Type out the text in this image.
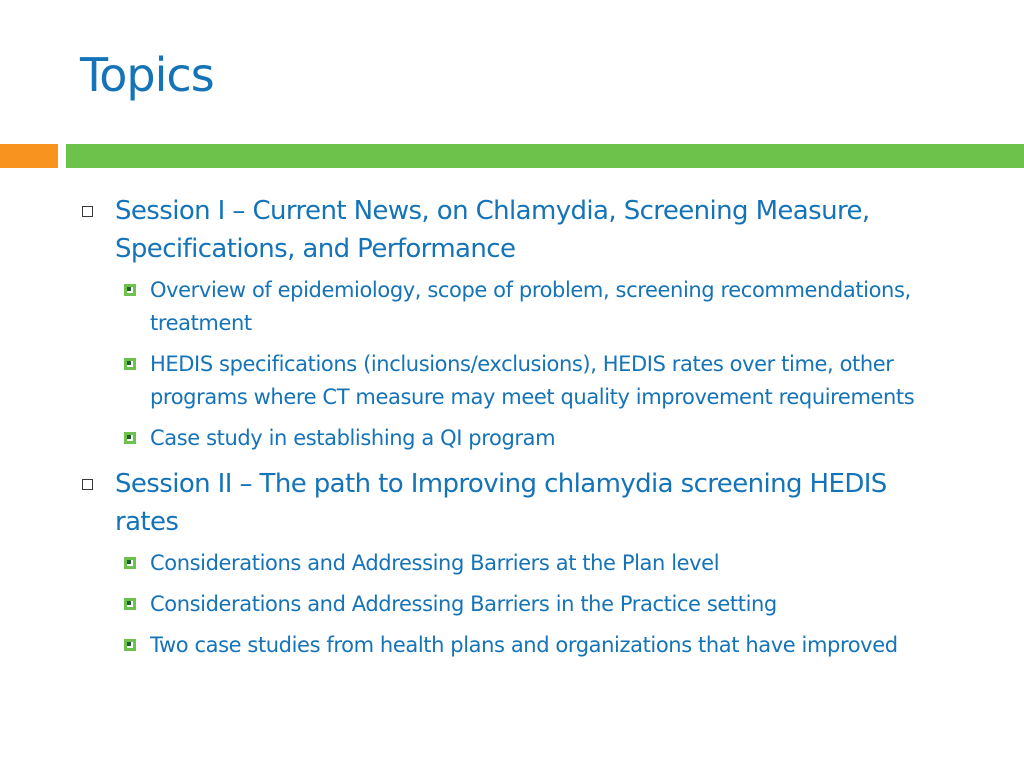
Topics
Session I – Current News, on Chlamydia, Screening Measure, Specifications, and Performance
Overview of epidemiology, scope of problem, screening recommendations, treatment
HEDIS specifications (inclusions/exclusions), HEDIS rates over time, other programs where CT measure may meet quality improvement requirements
Case study in establishing a QI program
Session II – The path to Improving chlamydia screening HEDIS rates
Considerations and Addressing Barriers at the Plan level
Considerations and Addressing Barriers in the Practice setting
Two case studies from health plans and organizations that have improved
